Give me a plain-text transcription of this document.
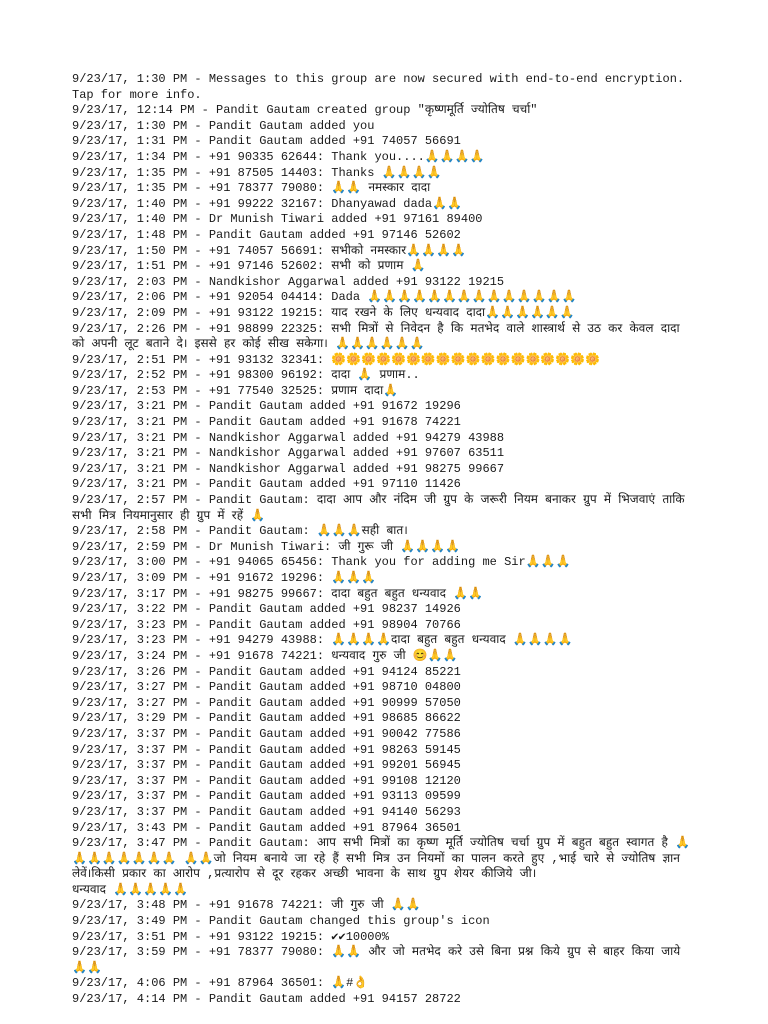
9/23/17, 1:30 PM - Messages to this group are now secured with end-to-end encryption. Tap for more info.

9/23/17, 12:14 PM - Pandit Gautam created group "कृष्णमूर्ति ज्योतिष चर्चा"

9/23/17, 1:30 PM - Pandit Gautam added you

9/23/17, 1:31 PM - Pandit Gautam added +91 74057 56691

9/23/17, 1:34 PM - +91 90335 62644: Thank you....🙏🙏🙏🙏

9/23/17, 1:35 PM - +91 87505 14403: Thanks 🙏🙏🙏🙏

9/23/17, 1:35 PM - +91 78377 79080: 🙏🙏 नमस्कार दादा

9/23/17, 1:40 PM - +91 99222 32167: Dhanyawad dada🙏🙏

9/23/17, 1:40 PM - Dr Munish Tiwari added +91 97161 89400

9/23/17, 1:48 PM - Pandit Gautam added +91 97146 52602

9/23/17, 1:50 PM - +91 74057 56691: सभीको नमस्कार🙏🙏🙏🙏

9/23/17, 1:51 PM - +91 97146 52602: सभी को प्रणाम 🙏

9/23/17, 2:03 PM - Nandkishor Aggarwal added +91 93122 19215

9/23/17, 2:06 PM - +91 92054 04414: Dada 🙏🙏🙏🙏🙏🙏🙏🙏🙏🙏🙏🙏🙏🙏

9/23/17, 2:09 PM - +91 93122 19215: याद रखने के लिए धन्यवाद दादा🙏🙏🙏🙏🙏🙏

9/23/17, 2:26 PM - +91 98899 22325: सभी मित्रों से निवेदन है कि मतभेद वाले शास्त्रार्थ से उठ कर केवल दादा को अपनी लूट बताने दे। इससे हर कोई सीख सकेगा। 🙏🙏🙏🙏🙏🙏

9/23/17, 2:51 PM - +91 93132 32341: 🌼🌼🌼🌼🌼🌼🌼🌼🌼🌼🌼🌼🌼🌼🌼🌼🌼🌼

9/23/17, 2:52 PM - +91 98300 96192: दादा 🙏 प्रणाम..

9/23/17, 2:53 PM - +91 77540 32525: प्रणाम दादा🙏

9/23/17, 3:21 PM - Pandit Gautam added +91 91672 19296

9/23/17, 3:21 PM - Pandit Gautam added +91 91678 74221

9/23/17, 3:21 PM - Nandkishor Aggarwal added +91 94279 43988

9/23/17, 3:21 PM - Nandkishor Aggarwal added +91 97607 63511

9/23/17, 3:21 PM - Nandkishor Aggarwal added +91 98275 99667

9/23/17, 3:21 PM - Pandit Gautam added +91 97110 11426

9/23/17, 2:57 PM - Pandit Gautam: दादा आप और नंदिम जी ग्रुप के जरूरी नियम बनाकर ग्रुप में भिजवाएं ताकि सभी मित्र नियमानुसार ही ग्रुप में रहें 🙏

9/23/17, 2:58 PM - Pandit Gautam: 🙏🙏🙏सही बात।

9/23/17, 2:59 PM - Dr Munish Tiwari: जी गुरू जी 🙏🙏🙏🙏

9/23/17, 3:00 PM - +91 94065 65456: Thank you for adding me Sir🙏🙏🙏

9/23/17, 3:09 PM - +91 91672 19296: 🙏🙏🙏

9/23/17, 3:17 PM - +91 98275 99667: दादा बहुत बहुत धन्यवाद 🙏🙏

9/23/17, 3:22 PM - Pandit Gautam added +91 98237 14926

9/23/17, 3:23 PM - Pandit Gautam added +91 98904 70766

9/23/17, 3:23 PM - +91 94279 43988: 🙏🙏🙏🙏दादा बहुत बहुत धन्यवाद 🙏🙏🙏🙏

9/23/17, 3:24 PM - +91 91678 74221: धन्यवाद गुरु जी 😊🙏🙏

9/23/17, 3:26 PM - Pandit Gautam added +91 94124 85221

9/23/17, 3:27 PM - Pandit Gautam added +91 98710 04800

9/23/17, 3:27 PM - Pandit Gautam added +91 90999 57050

9/23/17, 3:29 PM - Pandit Gautam added +91 98685 86622

9/23/17, 3:37 PM - Pandit Gautam added +91 90042 77586

9/23/17, 3:37 PM - Pandit Gautam added +91 98263 59145

9/23/17, 3:37 PM - Pandit Gautam added +91 99201 56945

9/23/17, 3:37 PM - Pandit Gautam added +91 99108 12120

9/23/17, 3:37 PM - Pandit Gautam added +91 93113 09599

9/23/17, 3:37 PM - Pandit Gautam added +91 94140 56293

9/23/17, 3:43 PM - Pandit Gautam added +91 87964 36501

9/23/17, 3:47 PM - Pandit Gautam: आप सभी मित्रों का कृष्ण मूर्ति ज्योतिष चर्चा ग्रुप में बहुत बहुत स्वागत है 🙏🙏🙏🙏🙏🙏🙏🙏 🙏🙏जो नियम बनाये जा रहे हैं सभी मित्र उन नियमों का पालन करते हुए ,भाई चारे से ज्योतिष ज्ञान लेवें।किसी प्रकार का आरोप ,प्रत्यारोप से दूर रहकर अच्छी भावना के साथ ग्रुप शेयर कीजिये जी।

धन्यवाद 🙏🙏🙏🙏🙏

9/23/17, 3:48 PM - +91 91678 74221: जी गुरु जी 🙏🙏

9/23/17, 3:49 PM - Pandit Gautam changed this group's icon

9/23/17, 3:51 PM - +91 93122 19215: ✔✔10000%

9/23/17, 3:59 PM - +91 78377 79080: 🙏🙏 और जो मतभेद करे उसे बिना प्रश्न किये ग्रुप से बाहर किया जाये 🙏🙏

9/23/17, 4:06 PM - +91 87964 36501: 🙏#👌

9/23/17, 4:14 PM - Pandit Gautam added +91 94157 28722
